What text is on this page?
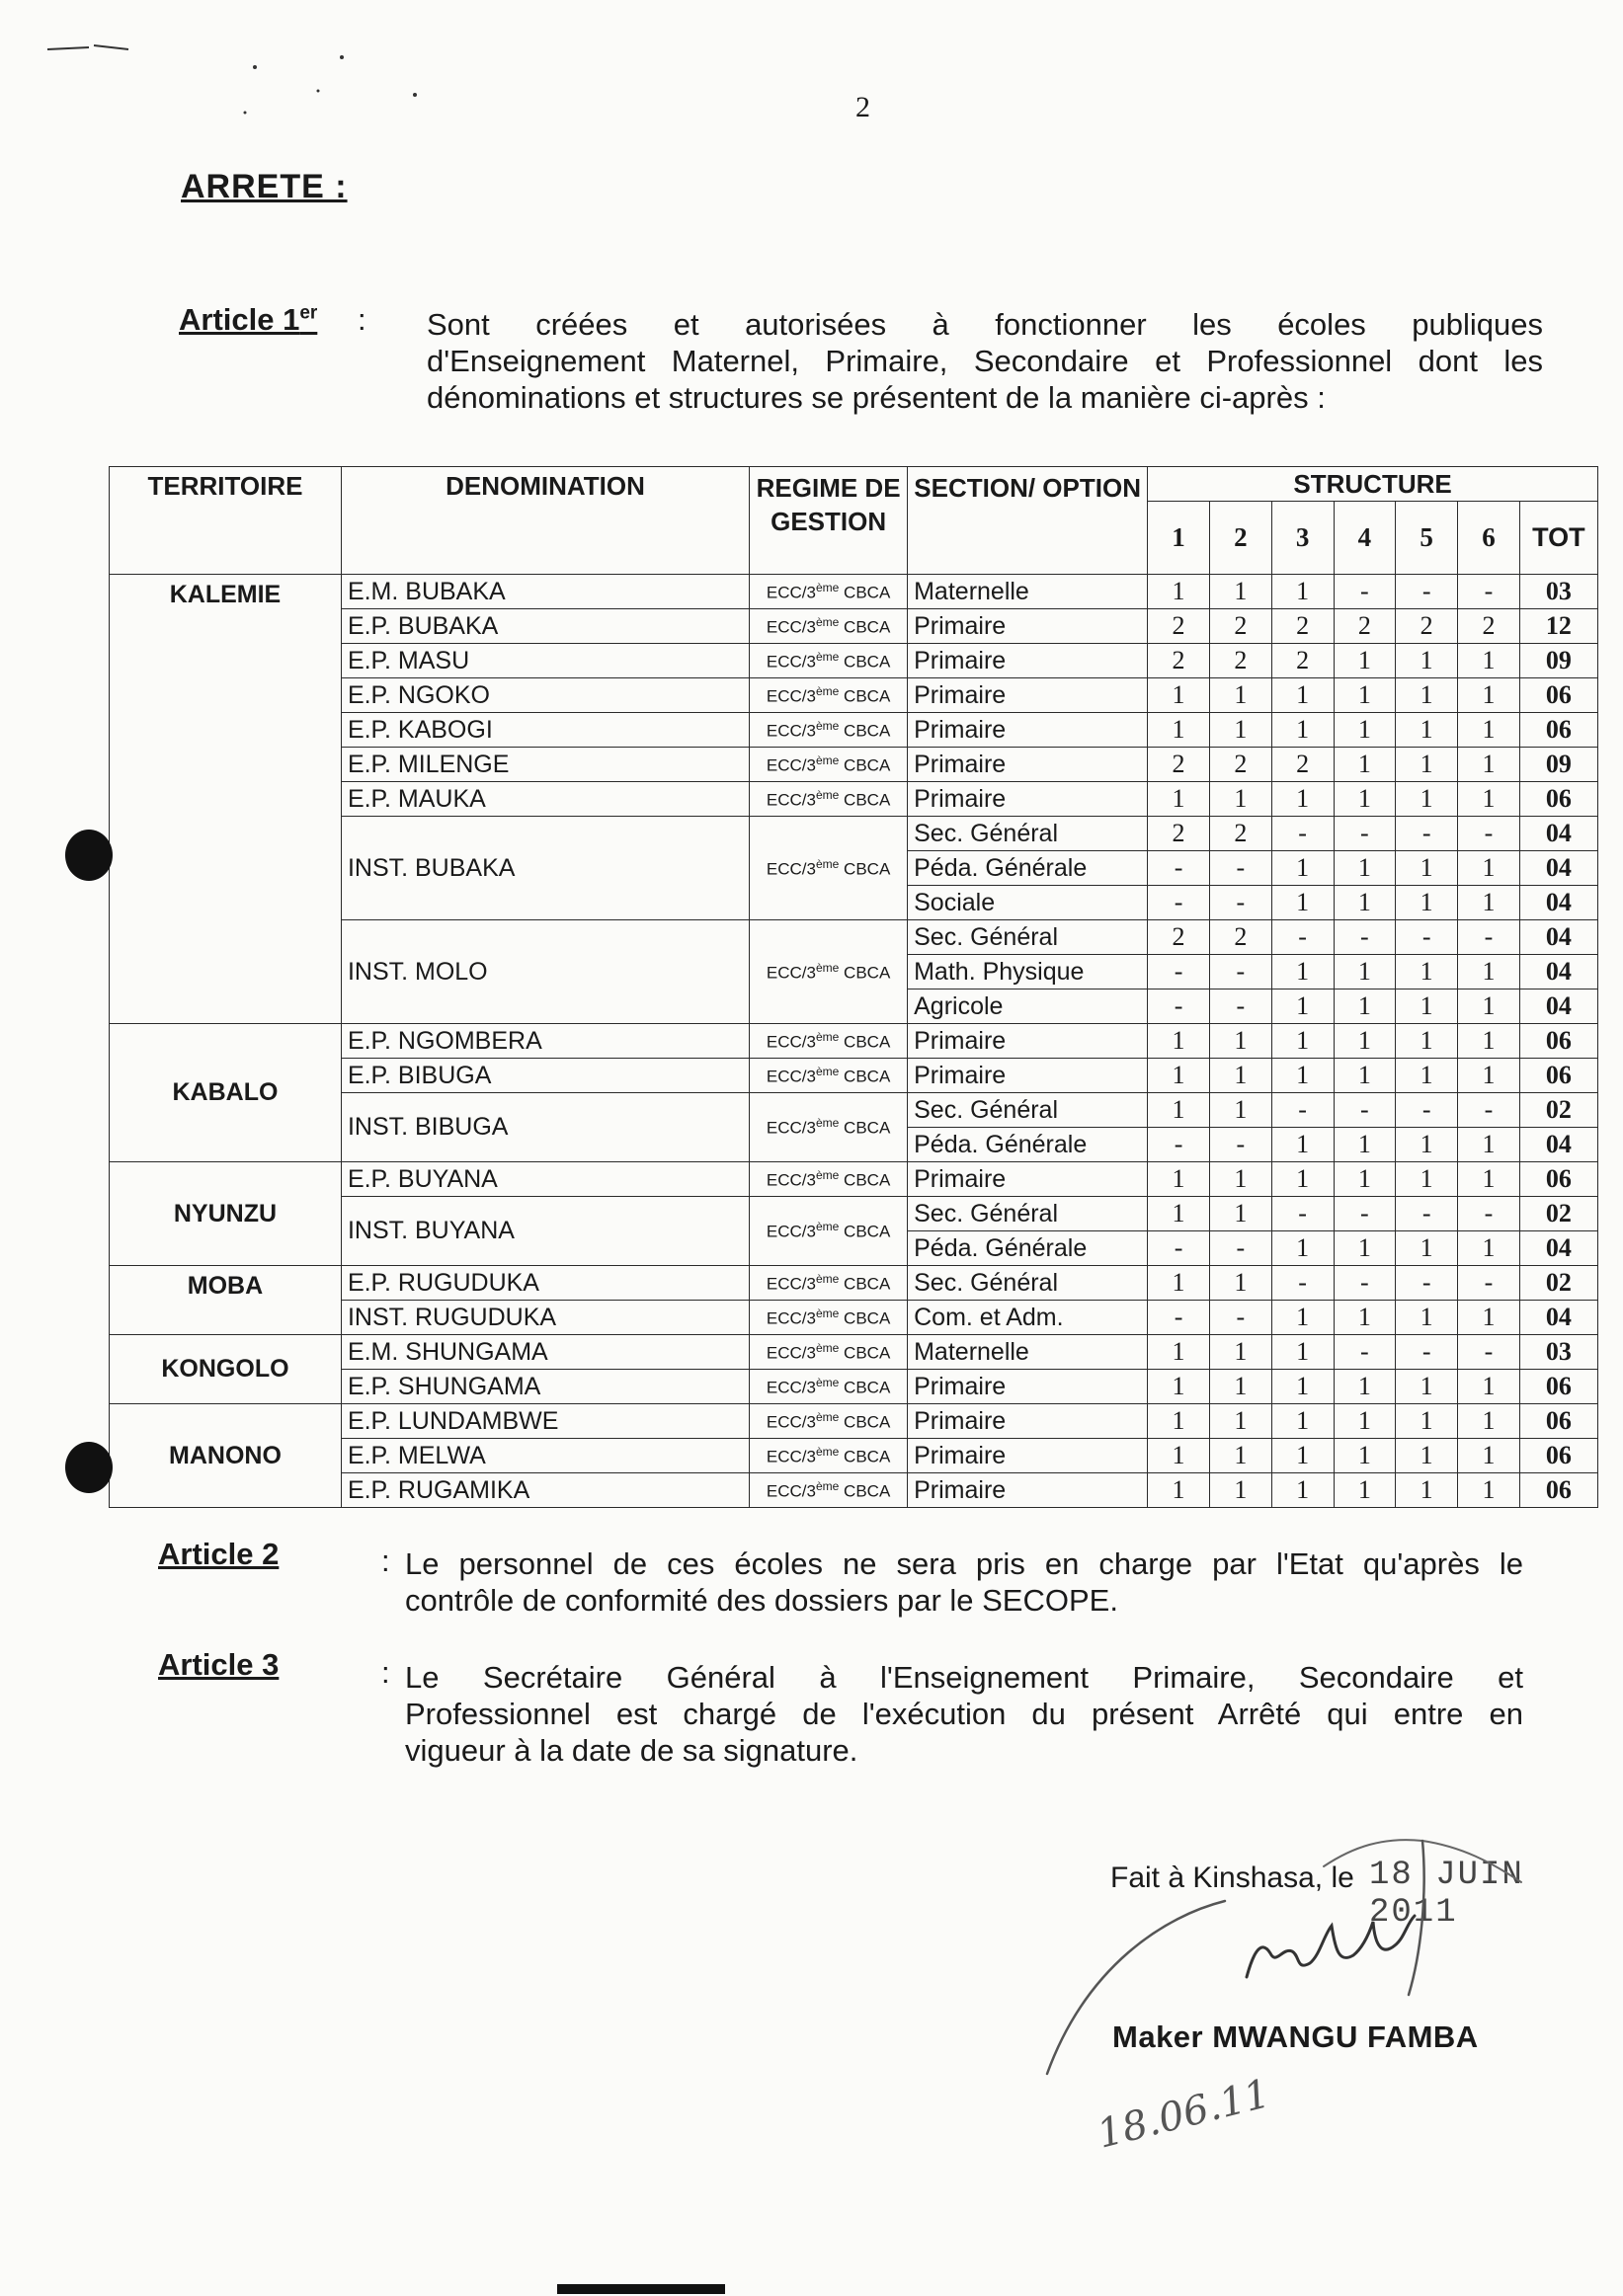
2
ARRETE :
Article 1er : Sont créées et autorisées à fonctionner les écoles publiques
d'Enseignement Maternel, Primaire, Secondaire et Professionnel dont les
dénominations et structures se présentent de la manière ci-après :
TERRITOIRE	DENOMINATION	REGIME DE GESTION	SECTION/ OPTION	STRUCTURE						
				1	2	3	4	5	6	TOT
KALEMIE	E.M. BUBAKA	ECC/3ème CBCA	Maternelle	1	1	1	-	-	-	03
	E.P. BUBAKA	ECC/3ème CBCA	Primaire	2	2	2	2	2	2	12
	E.P. MASU	ECC/3ème CBCA	Primaire	2	2	2	1	1	1	09
	E.P. NGOKO	ECC/3ème CBCA	Primaire	1	1	1	1	1	1	06
	E.P. KABOGI	ECC/3ème CBCA	Primaire	1	1	1	1	1	1	06
	E.P. MILENGE	ECC/3ème CBCA	Primaire	2	2	2	1	1	1	09
	E.P. MAUKA	ECC/3ème CBCA	Primaire	1	1	1	1	1	1	06
	INST. BUBAKA	ECC/3ème CBCA	Sec. Général	2	2	-	-	-	-	04
			Péda. Générale	-	-	1	1	1	1	04
			Sociale	-	-	1	1	1	1	04
	INST. MOLO	ECC/3ème CBCA	Sec. Général	2	2	-	-	-	-	04
			Math. Physique	-	-	1	1	1	1	04
			Agricole	-	-	1	1	1	1	04
KABALO	E.P. NGOMBERA	ECC/3ème CBCA	Primaire	1	1	1	1	1	1	06
	E.P. BIBUGA	ECC/3ème CBCA	Primaire	1	1	1	1	1	1	06
	INST. BIBUGA	ECC/3ème CBCA	Sec. Général	1	1	-	-	-	-	02
			Péda. Générale	-	-	1	1	1	1	04
NYUNZU	E.P. BUYANA	ECC/3ème CBCA	Primaire	1	1	1	1	1	1	06
	INST. BUYANA	ECC/3ème CBCA	Sec. Général	1	1	-	-	-	-	02
			Péda. Générale	-	-	1	1	1	1	04
MOBA	E.P. RUGUDUKA	ECC/3ème CBCA	Sec. Général	1	1	-	-	-	-	02
	INST. RUGUDUKA	ECC/3ème CBCA	Com. et Adm.	-	-	1	1	1	1	04
KONGOLO	E.M. SHUNGAMA	ECC/3ème CBCA	Maternelle	1	1	1	-	-	-	03
	E.P. SHUNGAMA	ECC/3ème CBCA	Primaire	1	1	1	1	1	1	06
MANONO	E.P. LUNDAMBWE	ECC/3ème CBCA	Primaire	1	1	1	1	1	1	06
	E.P. MELWA	ECC/3ème CBCA	Primaire	1	1	1	1	1	1	06
	E.P. RUGAMIKA	ECC/3ème CBCA	Primaire	1	1	1	1	1	1	06
Article 2	: Le personnel de ces écoles ne sera pris en charge par l'Etat qu'après le
contrôle de conformité des dossiers par le SECOPE.
Article 3	: Le Secrétaire Général à l'Enseignement Primaire, Secondaire et
Professionnel est chargé de l'exécution du présent Arrêté qui entre en
vigueur à la date de sa signature.
Fait à Kinshasa, le 18 JUIN 2011
Maker MWANGU FAMBA
18.06.11
